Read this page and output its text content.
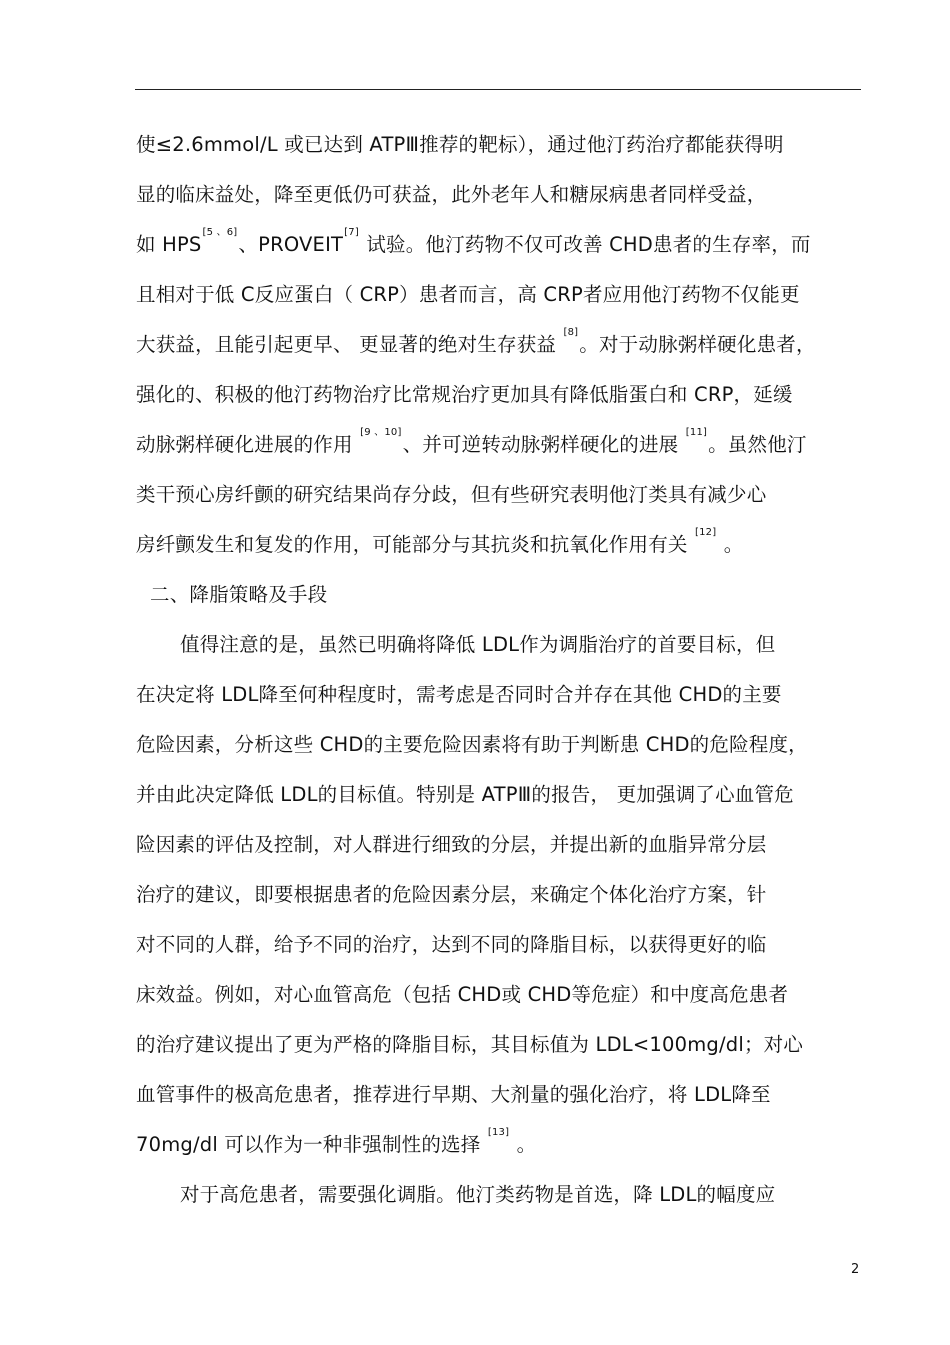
使≤2.6mmol/L 或已达到 ATPⅢ推荐的靶标），通过他汀药治疗都能获得明
显的临床益处，降至更低仍可获益，此外老年人和糖尿病患者同样受益，
如 HPS[5 、6]、PROVEIT[7] 试验。他汀药物不仅可改善 CHD患者的生存率，而
且相对于低 C反应蛋白（ CRP）患者而言，高 CRP者应用他汀药物不仅能更
大获益，且能引起更早、 更显著的绝对生存获益 [8]。对于动脉粥样硬化患者，
强化的、积极的他汀药物治疗比常规治疗更加具有降低脂蛋白和 CRP，延缓
动脉粥样硬化进展的作用 [9 、10]、并可逆转动脉粥样硬化的进展 [11]。虽然他汀
类干预心房纤颤的研究结果尚存分歧，但有些研究表明他汀类具有减少心
房纤颤发生和复发的作用，可能部分与其抗炎和抗氧化作用有关 [12] 。
二、降脂策略及手段
值得注意的是，虽然已明确将降低 LDL作为调脂治疗的首要目标，但
在决定将 LDL降至何种程度时，需考虑是否同时合并存在其他 CHD的主要
危险因素，分析这些 CHD的主要危险因素将有助于判断患 CHD的危险程度，
并由此决定降低 LDL的目标值。特别是 ATPⅢ的报告， 更加强调了心血管危
险因素的评估及控制，对人群进行细致的分层，并提出新的血脂异常分层
治疗的建议，即要根据患者的危险因素分层，来确定个体化治疗方案，针
对不同的人群，给予不同的治疗，达到不同的降脂目标，以获得更好的临
床效益。例如，对心血管高危（包括 CHD或 CHD等危症）和中度高危患者
的治疗建议提出了更为严格的降脂目标，其目标值为 LDL<100mg/dl；对心
血管事件的极高危患者，推荐进行早期、大剂量的强化治疗，将 LDL降至
70mg/dl 可以作为一种非强制性的选择 [13] 。
对于高危患者，需要强化调脂。他汀类药物是首选，降 LDL的幅度应
2
